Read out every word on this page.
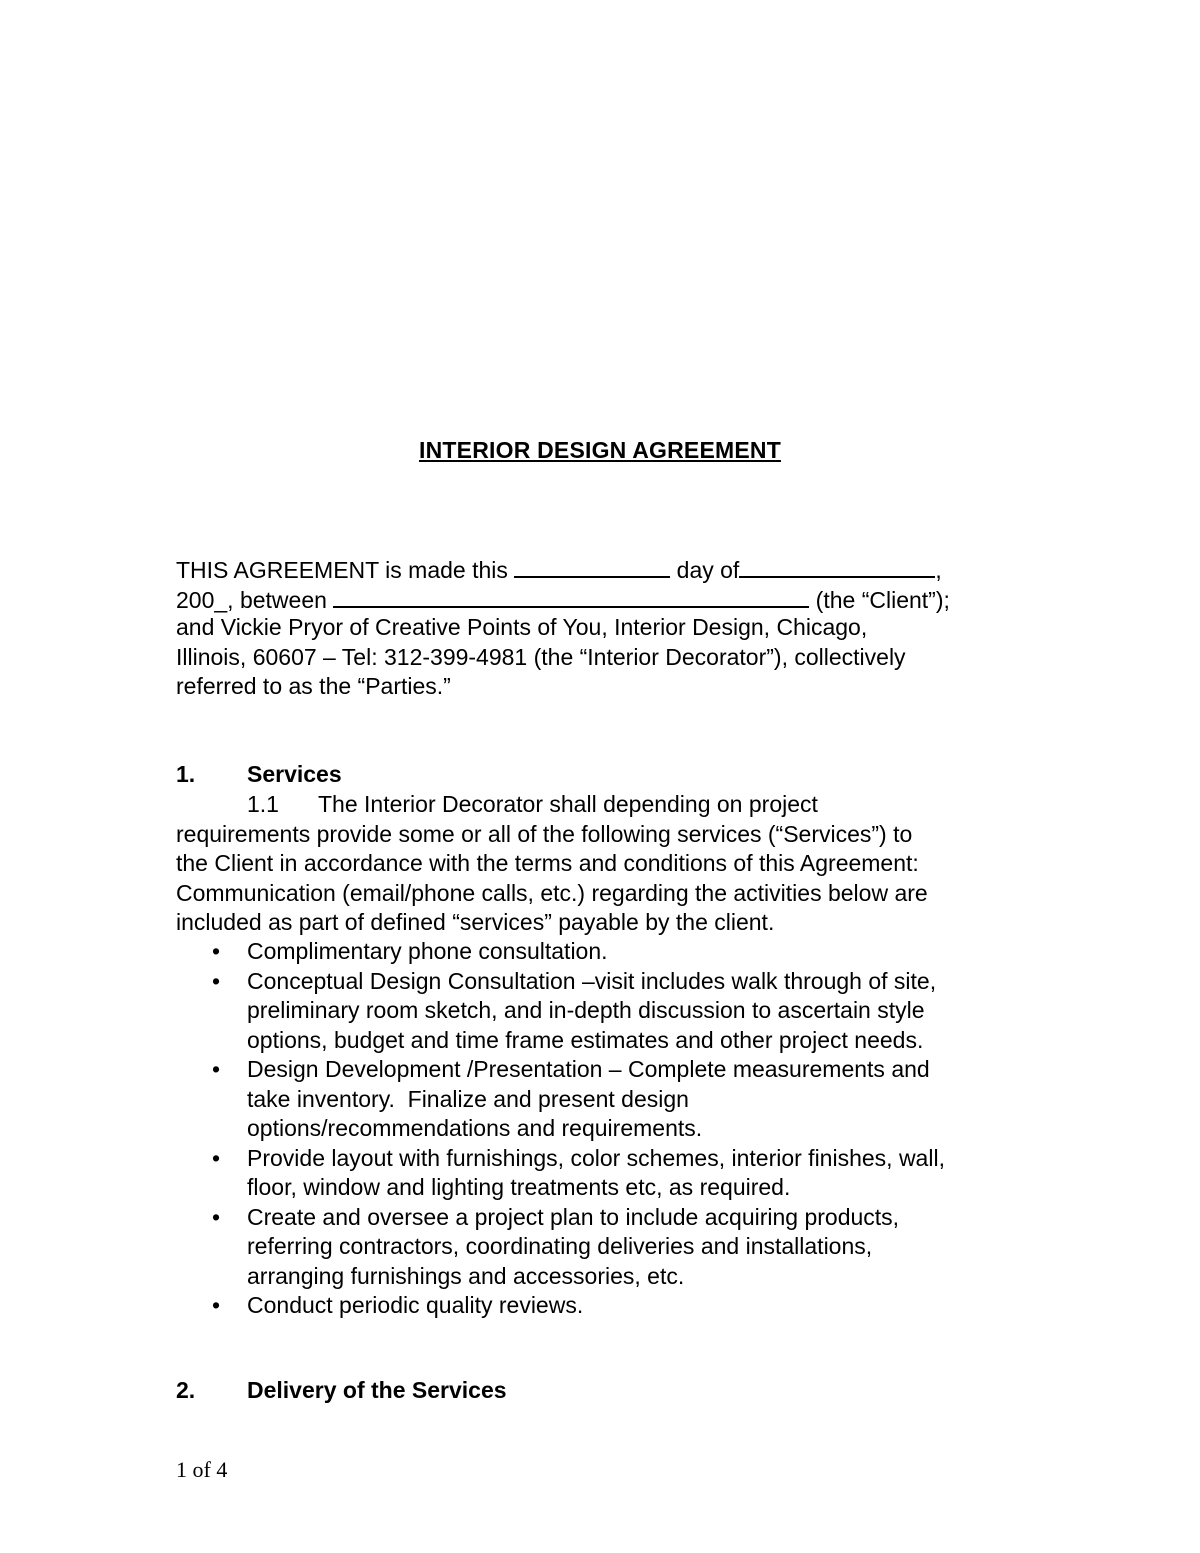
INTERIOR DESIGN AGREEMENT
THIS AGREEMENT is made this	day of	,
200_, between	(the “Client”);
and Vickie Pryor of Creative Points of You, Interior Design, Chicago,
Illinois, 60607 – Tel: 312-399-4981 (the “Interior Decorator”), collectively
referred to as the “Parties.”
1. Services
1.1 The Interior Decorator shall depending on project
requirements provide some or all of the following services (“Services”) to
the Client in accordance with the terms and conditions of this Agreement:
Communication (email/phone calls, etc.) regarding the activities below are
included as part of defined “services” payable by the client.
• Complimentary phone consultation.
• Conceptual Design Consultation –visit includes walk through of site,
preliminary room sketch, and in-depth discussion to ascertain style
options, budget and time frame estimates and other project needs.
• Design Development /Presentation – Complete measurements and
take inventory.  Finalize and present design
options/recommendations and requirements.
• Provide layout with furnishings, color schemes, interior finishes, wall,
floor, window and lighting treatments etc, as required.
• Create and oversee a project plan to include acquiring products,
referring contractors, coordinating deliveries and installations,
arranging furnishings and accessories, etc.
• Conduct periodic quality reviews.
2. Delivery of the Services
1 of 4
